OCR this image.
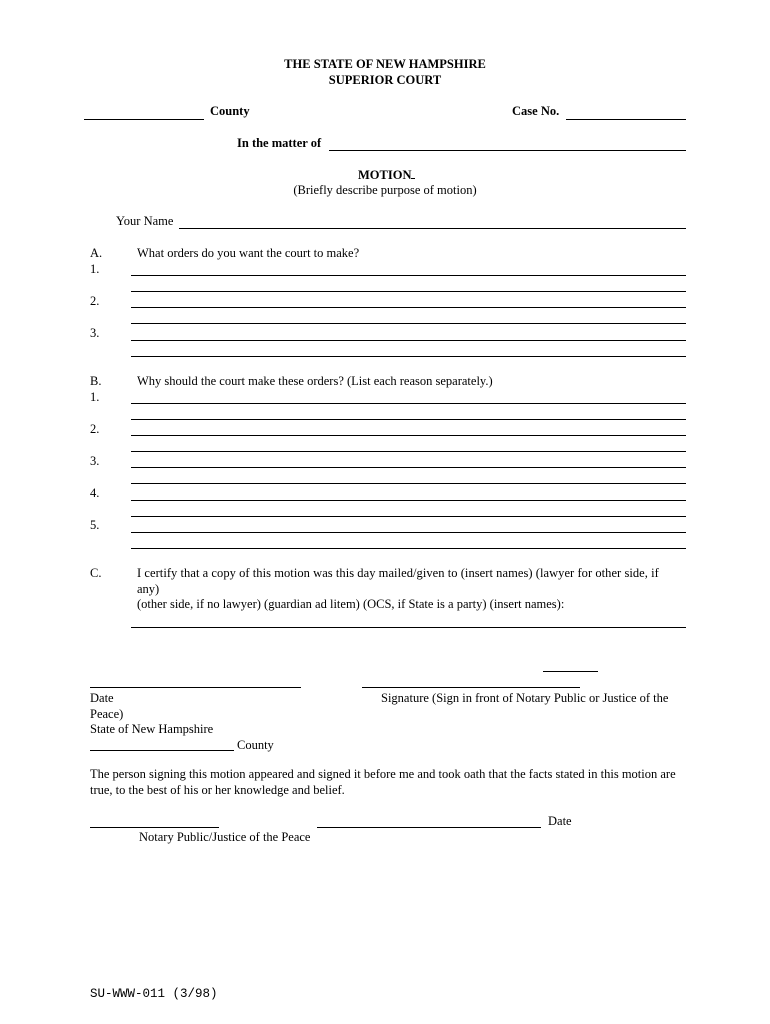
THE STATE OF NEW HAMPSHIRE
SUPERIOR COURT
County	Case No.
In the matter of
MOTION
(Briefly describe purpose of motion)
Your Name
A.	What orders do you want the court to make?
1.
2.
3.
B.	Why should the court make these orders? (List each reason separately.)
1.
2.
3.
4.
5.
C.	I certify that a copy of this motion was this day mailed/given to (insert names) (lawyer for other side, if
any)
(other side, if no lawyer) (guardian ad litem) (OCS, if State is a party) (insert names):
Date	Signature (Sign in front of Notary Public or Justice of the
Peace)
State of New Hampshire
County
The person signing this motion appeared and signed it before me and took oath that the facts stated in this motion are
true, to the best of his or her knowledge and belief.
Date
Notary Public/Justice of the Peace
SU-WWW-011 (3/98)
